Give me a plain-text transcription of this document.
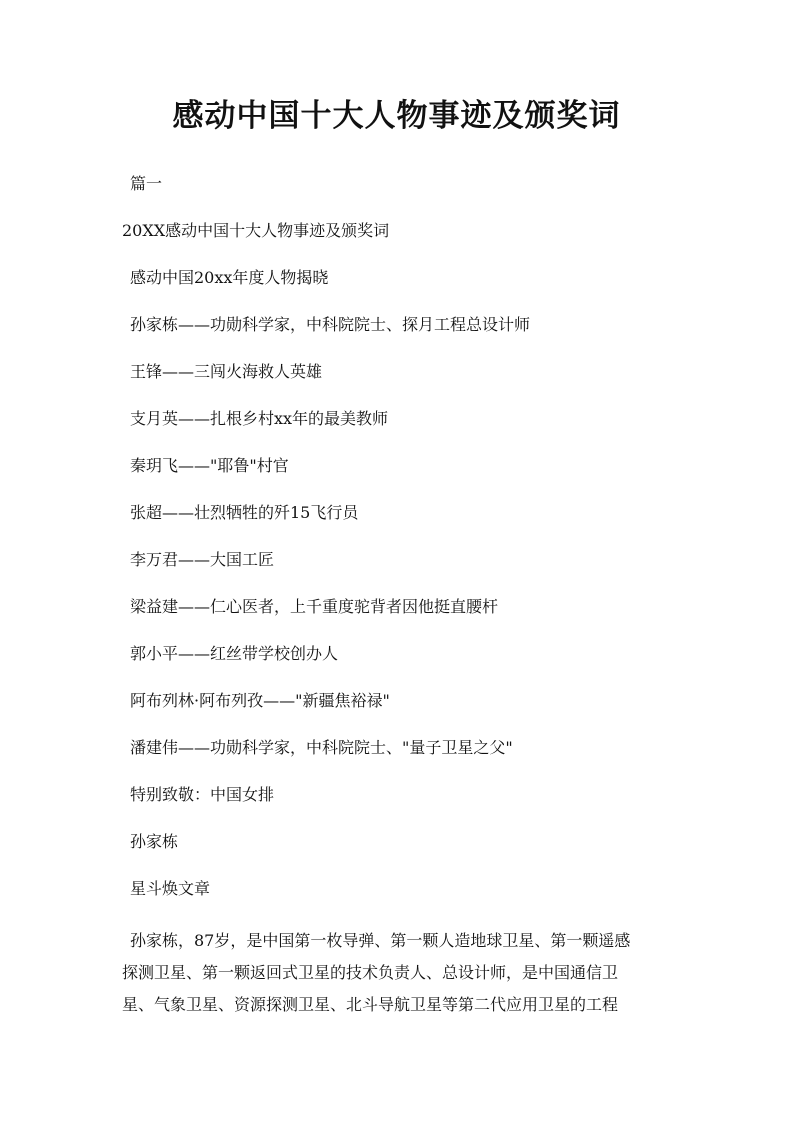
感动中国十大人物事迹及颁奖词

篇一

20XX感动中国十大人物事迹及颁奖词

感动中国20xx年度人物揭晓

孙家栋——功勋科学家，中科院院士、探月工程总设计师

王锋——三闯火海救人英雄

支月英——扎根乡村xx年的最美教师

秦玥飞——"耶鲁"村官

张超——壮烈牺牲的歼15飞行员

李万君——大国工匠

梁益建——仁心医者，上千重度驼背者因他挺直腰杆

郭小平——红丝带学校创办人

阿布列林·阿布列孜——"新疆焦裕禄"

潘建伟——功勋科学家，中科院院士、"量子卫星之父"

特别致敬：中国女排

孙家栋

星斗焕文章

孙家栋，87岁，是中国第一枚导弹、第一颗人造地球卫星、第一颗遥感
探测卫星、第一颗返回式卫星的技术负责人、总设计师，是中国通信卫
星、气象卫星、资源探测卫星、北斗导航卫星等第二代应用卫星的工程
